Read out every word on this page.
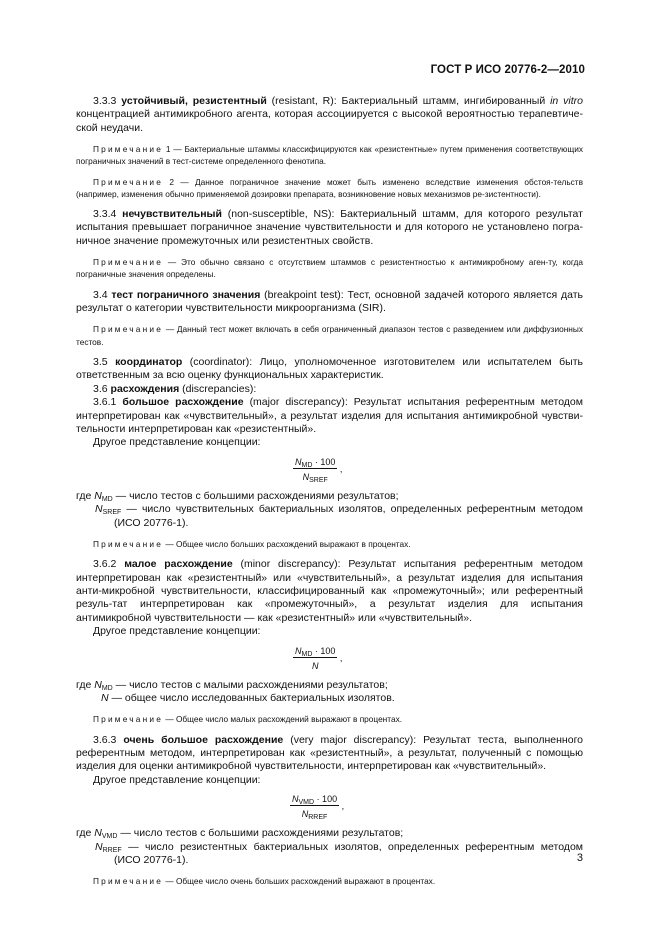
ГОСТ Р ИСО 20776-2—2010

3.3.3 устойчивый, резистентный (resistant, R): Бактериальный штамм, ингибированный in vitro концентрацией антимикробного агента, которая ассоциируется с высокой вероятностью терапевтиче-ской неудачи.

Примечание 1 — Бактериальные штаммы классифицируются как «резистентные» путем применения соответствующих пограничных значений в тест-системе определенного фенотипа.

Примечание 2 — Данное пограничное значение может быть изменено вследствие изменения обстоя-тельств (например, изменения обычно применяемой дозировки препарата, возникновение новых механизмов ре-зистентности).

3.3.4 нечувствительный (non-susceptible, NS): Бактериальный штамм, для которого результат испытания превышает пограничное значение чувствительности и для которого не установлено погра-ничное значение промежуточных или резистентных свойств.

Примечание — Это обычно связано с отсутствием штаммов с резистентностью к антимикробному аген-ту, когда пограничные значения определены.

3.4 тест пограничного значения (breakpoint test): Тест, основной задачей которого является дать результат о категории чувствительности микроорганизма (SIR).

Примечание — Данный тест может включать в себя ограниченный диапазон тестов с разведением или диффузионных тестов.

3.5 координатор (coordinator): Лицо, уполномоченное изготовителем или испытателем быть ответственным за всю оценку функциональных характеристик.

3.6 расхождения (discrepancies):

3.6.1 большое расхождение (major discrepancy): Результат испытания референтным методом интерпретирован как «чувствительный», а результат изделия для испытания антимикробной чувстви-тельности интерпретирован как «резистентный».

Другое представление концепции:

$N_{MD} \cdot 100$
$N_{SREF}$
,
где $N_{MD}$ — число тестов с большими расхождениями результатов;
$N_{SREF}$ — число чувствительных бактериальных изолятов, определенных референтным методом (ИСО 20776-1).

Примечание — Общее число больших расхождений выражают в процентах.

3.6.2 малое расхождение (minor discrepancy): Результат испытания референтным методом интерпретирован как «резистентный» или «чувствительный», а результат изделия для испытания анти-микробной чувствительности, классифицированный как «промежуточный»; или референтный резуль-тат интерпретирован как «промежуточный», а результат изделия для испытания антимикробной чувствительности — как «резистентный» или «чувствительный».

Другое представление концепции:

$N_{MD} \cdot 100$
N
,
где $N_{MD}$ — число тестов с малыми расхождениями результатов;
N — общее число исследованных бактериальных изолятов.

Примечание — Общее число малых расхождений выражают в процентах.

3.6.3 очень большое расхождение (very major discrepancy): Результат теста, выполненного референтным методом, интерпретирован как «резистентный», а результат, полученный с помощью изделия для оценки антимикробной чувствительности, интерпретирован как «чувствительный».

Другое представление концепции:

$N_{VMD} \cdot 100$
$N_{RREF}$
,
где $N_{VMD}$ — число тестов с большими расхождениями результатов;
$N_{RREF}$ — число резистентных бактериальных изолятов, определенных референтным методом (ИСО 20776-1).

Примечание — Общее число очень больших расхождений выражают в процентах.

3
